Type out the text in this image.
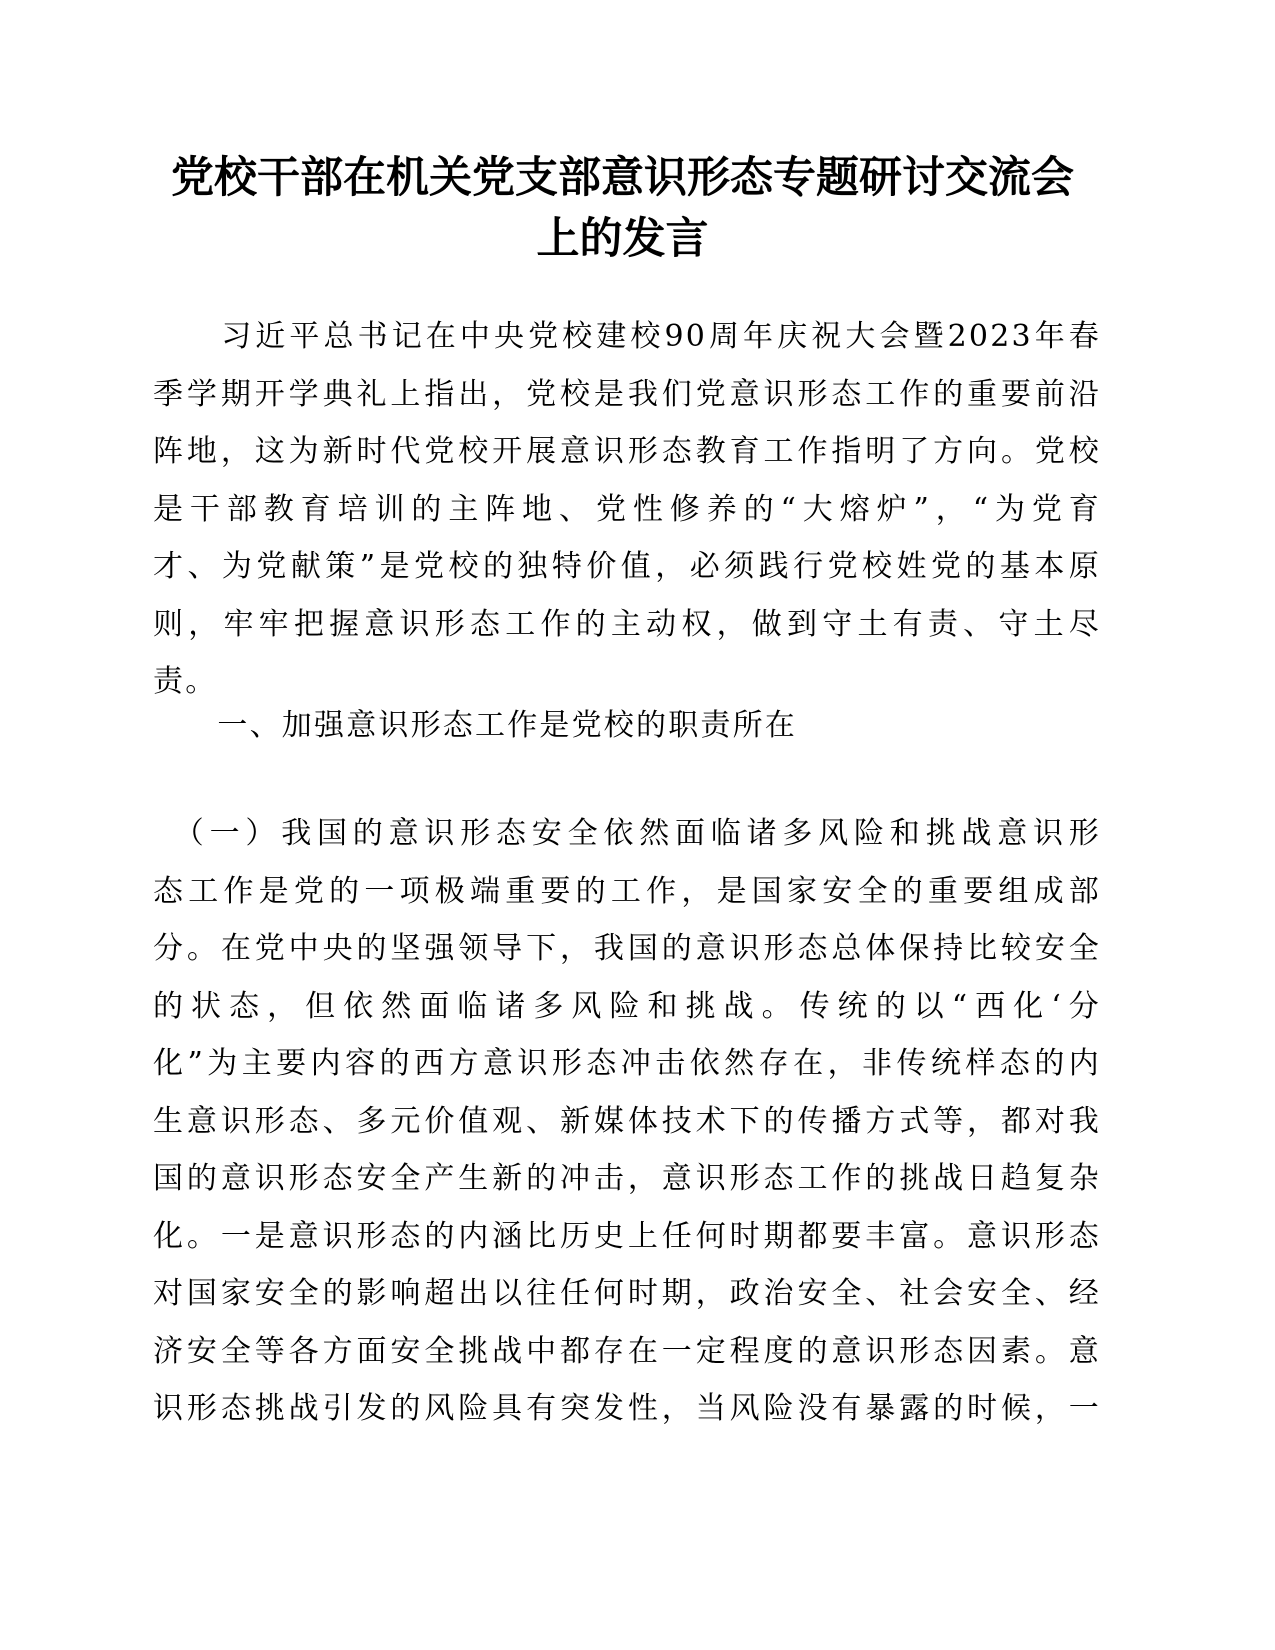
党校干部在机关党支部意识形态专题研讨交流会
上的发言
　　习近平总书记在中央党校建校90周年庆祝大会暨2023年春
季学期开学典礼上指出，党校是我们党意识形态工作的重要前沿
阵地，这为新时代党校开展意识形态教育工作指明了方向。党校
是干部教育培训的主阵地、党性修养的“大熔炉”，“为党育
才、为党献策”是党校的独特价值，必须践行党校姓党的基本原
则，牢牢把握意识形态工作的主动权，做到守土有责、守土尽
责。
　　一、加强意识形态工作是党校的职责所在
　（一）我国的意识形态安全依然面临诸多风险和挑战意识形
态工作是党的一项极端重要的工作，是国家安全的重要组成部
分。在党中央的坚强领导下，我国的意识形态总体保持比较安全
的状态，但依然面临诸多风险和挑战。传统的以“西化‘分
化”为主要内容的西方意识形态冲击依然存在，非传统样态的内
生意识形态、多元价值观、新媒体技术下的传播方式等，都对我
国的意识形态安全产生新的冲击，意识形态工作的挑战日趋复杂
化。一是意识形态的内涵比历史上任何时期都要丰富。意识形态
对国家安全的影响超出以往任何时期，政治安全、社会安全、经
济安全等各方面安全挑战中都存在一定程度的意识形态因素。意
识形态挑战引发的风险具有突发性，当风险没有暴露的时候，一
